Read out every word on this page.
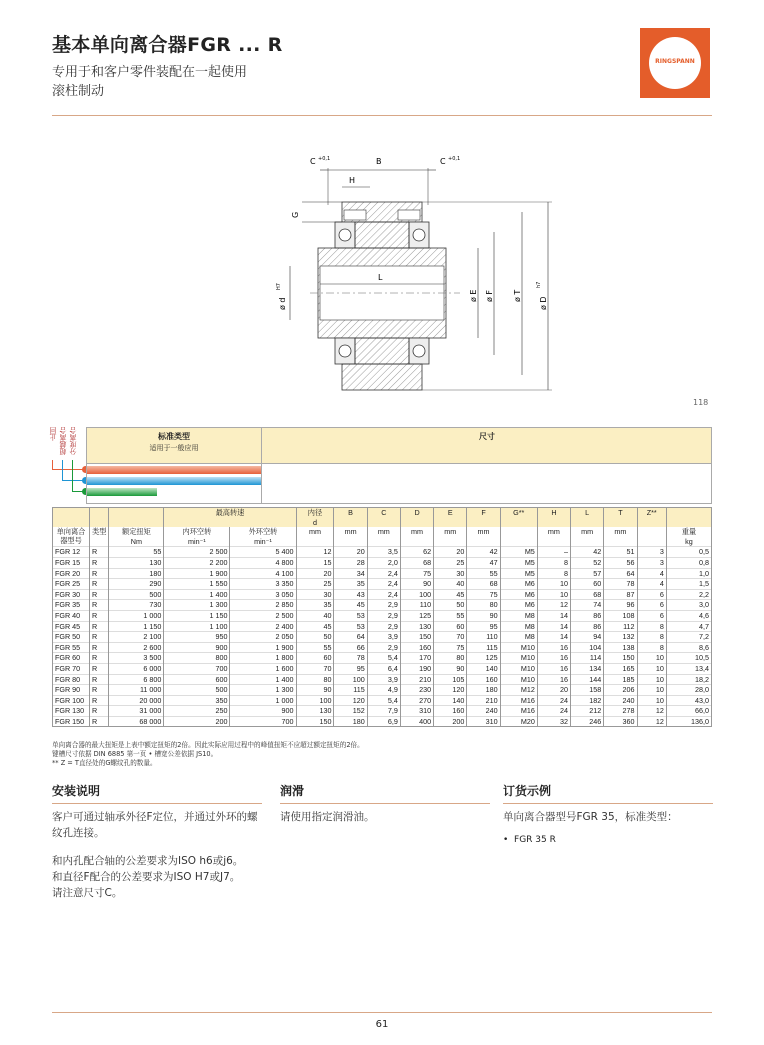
基本单向离合器FGR ... R
专用于和客户零件装配在一起使用
滚柱制动
RINGSPANN
C +0,1	B	C +0,1
H
L
G
ø d
H7
ø E ø F ø T
ø D
h7
118
止回 超越离合 分度离合	标准类型
适用于一般应用
尺寸
			最高转速		内径
d	B	C	D	E	F	G**	H	L	T	Z**	
单向离合器型号	类型	额定扭矩
Nm	内环空转
min⁻¹	外环空转
min⁻¹	mm	mm	mm	mm	mm	mm		mm	mm	mm		重量
kg
FGR 12	R	55	2 500	5 400	12	20	3,5	62	20	42	M5	–	42	51	3	0,5
FGR 15	R	130	2 200	4 800	15	28	2,0	68	25	47	M5	8	52	56	3	0,8
FGR 20	R	180	1 900	4 100	20	34	2,4	75	30	55	M5	8	57	64	4	1,0
FGR 25	R	290	1 550	3 350	25	35	2,4	90	40	68	M6	10	60	78	4	1,5
FGR 30	R	500	1 400	3 050	30	43	2,4	100	45	75	M6	10	68	87	6	2,2
FGR 35	R	730	1 300	2 850	35	45	2,9	110	50	80	M6	12	74	96	6	3,0
FGR 40	R	1 000	1 150	2 500	40	53	2,9	125	55	90	M8	14	86	108	6	4,6
FGR 45	R	1 150	1 100	2 400	45	53	2,9	130	60	95	M8	14	86	112	8	4,7
FGR 50	R	2 100	950	2 050	50	64	3,9	150	70	110	M8	14	94	132	8	7,2
FGR 55	R	2 600	900	1 900	55	66	2,9	160	75	115	M10	16	104	138	8	8,6
FGR 60	R	3 500	800	1 800	60	78	5,4	170	80	125	M10	16	114	150	10	10,5
FGR 70	R	6 000	700	1 600	70	95	6,4	190	90	140	M10	16	134	165	10	13,4
FGR 80	R	6 800	600	1 400	80	100	3,9	210	105	160	M10	16	144	185	10	18,2
FGR 90	R	11 000	500	1 300	90	115	4,9	230	120	180	M12	20	158	206	10	28,0
FGR 100	R	20 000	350	1 000	100	120	5,4	270	140	210	M16	24	182	240	10	43,0
FGR 130	R	31 000	250	900	130	152	7,9	310	160	240	M16	24	212	278	12	66,0
FGR 150	R	68 000	200	700	150	180	6,9	400	200	310	M20	32	246	360	12	136,0
单向离合器的最大扭矩是上表中额定扭矩的2倍。因此实际应用过程中的峰值扭矩不应超过额定扭矩的2倍。
键槽尺寸依据 DIN 6885 第一页 • 槽宽公差依据 JS10。
** Z = T直径处的G螺纹孔的数量。
安装说明
客户可通过轴承外径F定位，并通过外环的螺纹孔连接。
和内孔配合轴的公差要求为ISO h6或j6。
和直径F配合的公差要求为ISO H7或J7。
请注意尺寸C。
润滑
请使用指定润滑油。
订货示例
单向离合器型号FGR 35，标准类型：
•  FGR 35 R
61
